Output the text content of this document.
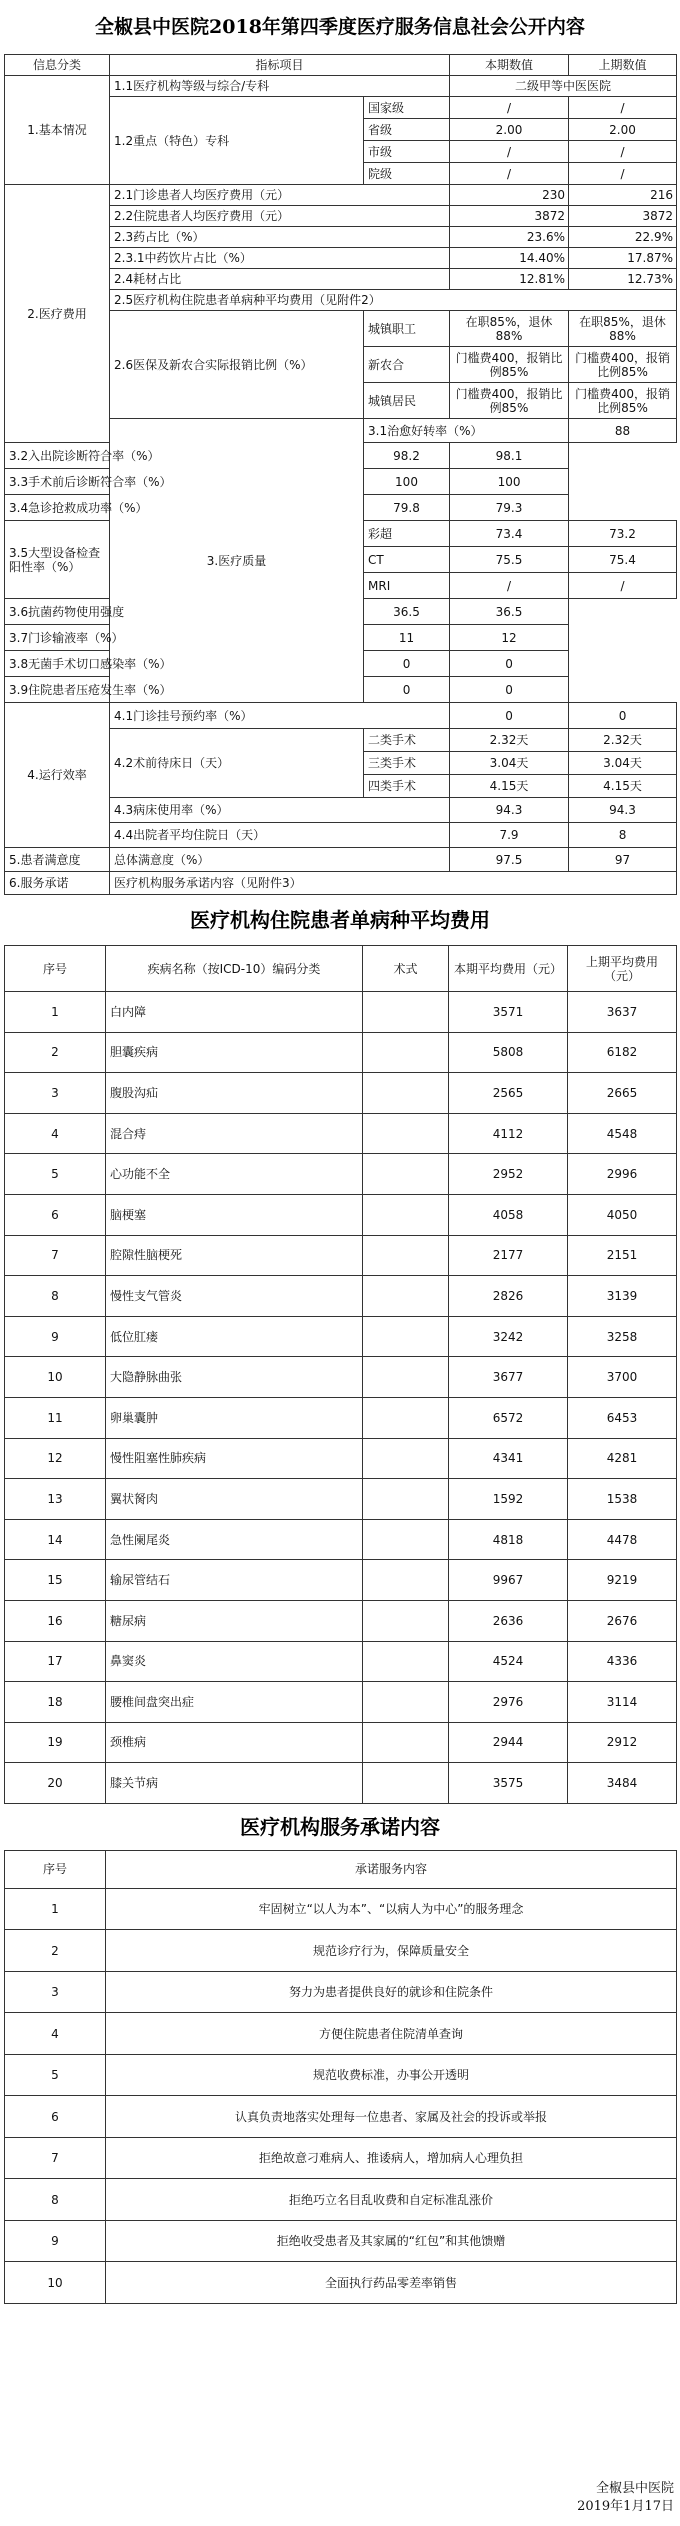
全椒县中医院2018年第四季度医疗服务信息社会公开内容
信息分类	指标项目		本期数值	上期数值	
1.基本情况	1.1医疗机构等级与综合/专科		二级甲等中医医院		
	1.2重点（特色）专科	国家级	/	/	
		省级	2.00	2.00	
		市级	/	/	
		院级	/	/	
2.医疗费用	2.1门诊患者人均医疗费用（元）		230	216	
	2.2住院患者人均医疗费用（元）		3872	3872	
	2.3药占比（%）		23.6%	22.9%	
	2.3.1中药饮片占比（%）		14.40%	17.87%	
	2.4耗材占比		12.81%	12.73%	
	2.5医疗机构住院患者单病种平均费用（见附件2）				
	2.6医保及新农合实际报销比例（%）	城镇职工	在职85%，退休88%	在职85%，退休88%	
		新农合	门槛费400，报销比例85%	门槛费400，报销比例85%	
		城镇居民	门槛费400，报销比例85%	门槛费400，报销比例85%	
	3.医疗质量	3.1治愈好转率（%）		88	
3.2入出院诊断符合率（%）		98.2	98.1		
3.3手术前后诊断符合率（%）		100	100		
3.4急诊抢救成功率（%）		79.8	79.3		
3.5大型设备检查阳性率（%）		彩超	73.4	73.2	
		CT	75.5	75.4	
		MRI	/	/	
3.6抗菌药物使用强度		36.5	36.5		
3.7门诊输液率（%）		11	12		
3.8无菌手术切口感染率（%）		0	0		
3.9住院患者压疮发生率（%）		0	0		
4.运行效率	4.1门诊挂号预约率（%）		0	0	
	4.2术前待床日（天）	二类手术	2.32天	2.32天	
		三类手术	3.04天	3.04天	
		四类手术	4.15天	4.15天	
	4.3病床使用率（%）		94.3	94.3	
	4.4出院者平均住院日（天）		7.9	8	
5.患者满意度	总体满意度（%）		97.5	97	
6.服务承诺	医疗机构服务承诺内容（见附件3）				
医疗机构住院患者单病种平均费用
序号	疾病名称（按ICD-10）编码分类	术式	本期平均费用（元）	上期平均费用（元）
1	白内障		3571	3637
2	胆囊疾病		5808	6182
3	腹股沟疝		2565	2665
4	混合痔		4112	4548
5	心功能不全		2952	2996
6	脑梗塞		4058	4050
7	腔隙性脑梗死		2177	2151
8	慢性支气管炎		2826	3139
9	低位肛瘘		3242	3258
10	大隐静脉曲张		3677	3700
11	卵巢囊肿		6572	6453
12	慢性阻塞性肺疾病		4341	4281
13	翼状胬肉		1592	1538
14	急性阑尾炎		4818	4478
15	输尿管结石		9967	9219
16	糖尿病		2636	2676
17	鼻窦炎		4524	4336
18	腰椎间盘突出症		2976	3114
19	颈椎病		2944	2912
20	膝关节病		3575	3484
医疗机构服务承诺内容
序号	承诺服务内容
1	牢固树立“以人为本”、“以病人为中心”的服务理念
2	规范诊疗行为，保障质量安全
3	努力为患者提供良好的就诊和住院条件
4	方便住院患者住院清单查询
5	规范收费标准，办事公开透明
6	认真负责地落实处理每一位患者、家属及社会的投诉或举报
7	拒绝故意刁难病人、推诿病人，增加病人心理负担
8	拒绝巧立名目乱收费和自定标准乱涨价
9	拒绝收受患者及其家属的“红包”和其他馈赠
10	全面执行药品零差率销售
全椒县中医院
2019年1月17日
